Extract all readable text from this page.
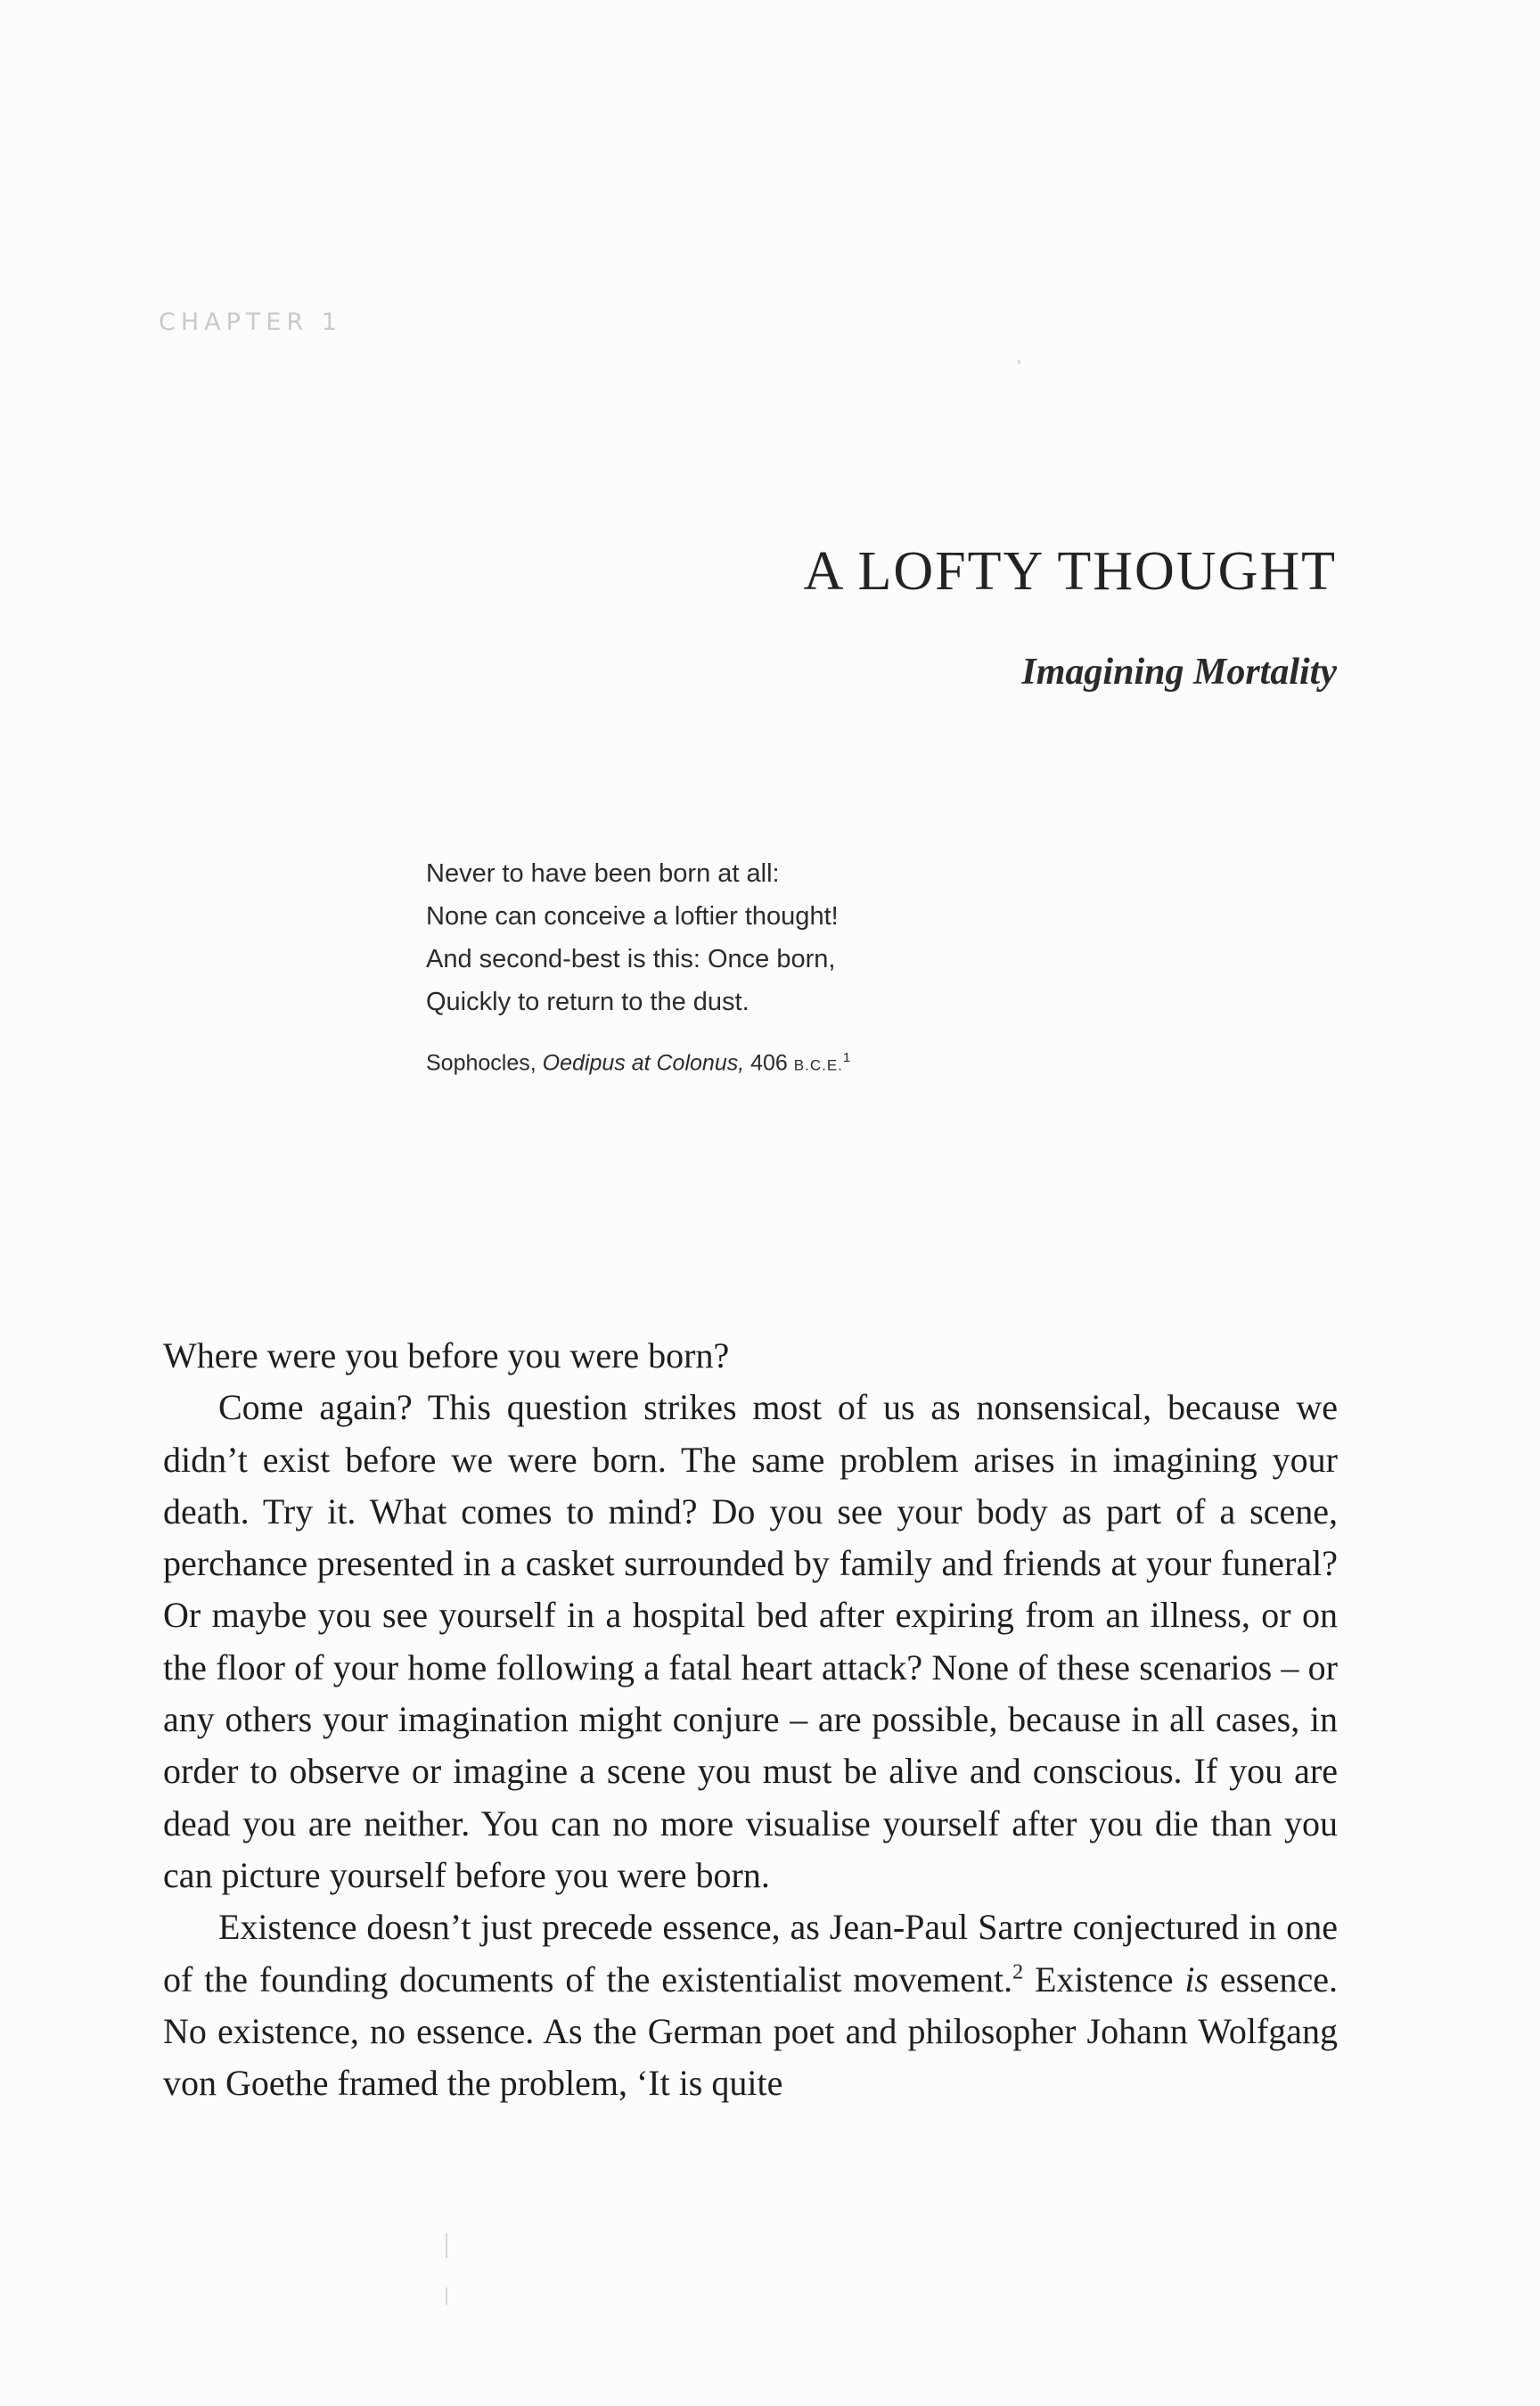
CHAPTER 1

A LOFTY THOUGHT
Imagining Mortality
Never to have been born at all:
None can conceive a loftier thought!
And second-best is this: Once born,
Quickly to return to the dust.
Sophocles, Oedipus at Colonus, 406 B.C.E.$^1$

Where were you before you were born?

Come again? This question strikes most of us as nonsensical, because we didn’t exist before we were born. The same problem arises in imagining your death. Try it. What comes to mind? Do you see your body as part of a scene, perchance presented in a casket surrounded by family and friends at your funeral? Or maybe you see yourself in a hospital bed after expiring from an illness, or on the floor of your home following a fatal heart attack? None of these scenarios – or any others your imagination might conjure – are possible, because in all cases, in order to observe or imagine a scene you must be alive and conscious. If you are dead you are neither. You can no more visualise yourself after you die than you can picture yourself before you were born.

Existence doesn’t just precede essence, as Jean-Paul Sartre conjectured in one of the founding documents of the existentialist movement.$^2$ Existence is essence. No existence, no essence. As the German poet and philosopher Johann Wolfgang von Goethe framed the problem, ‘It is quite
